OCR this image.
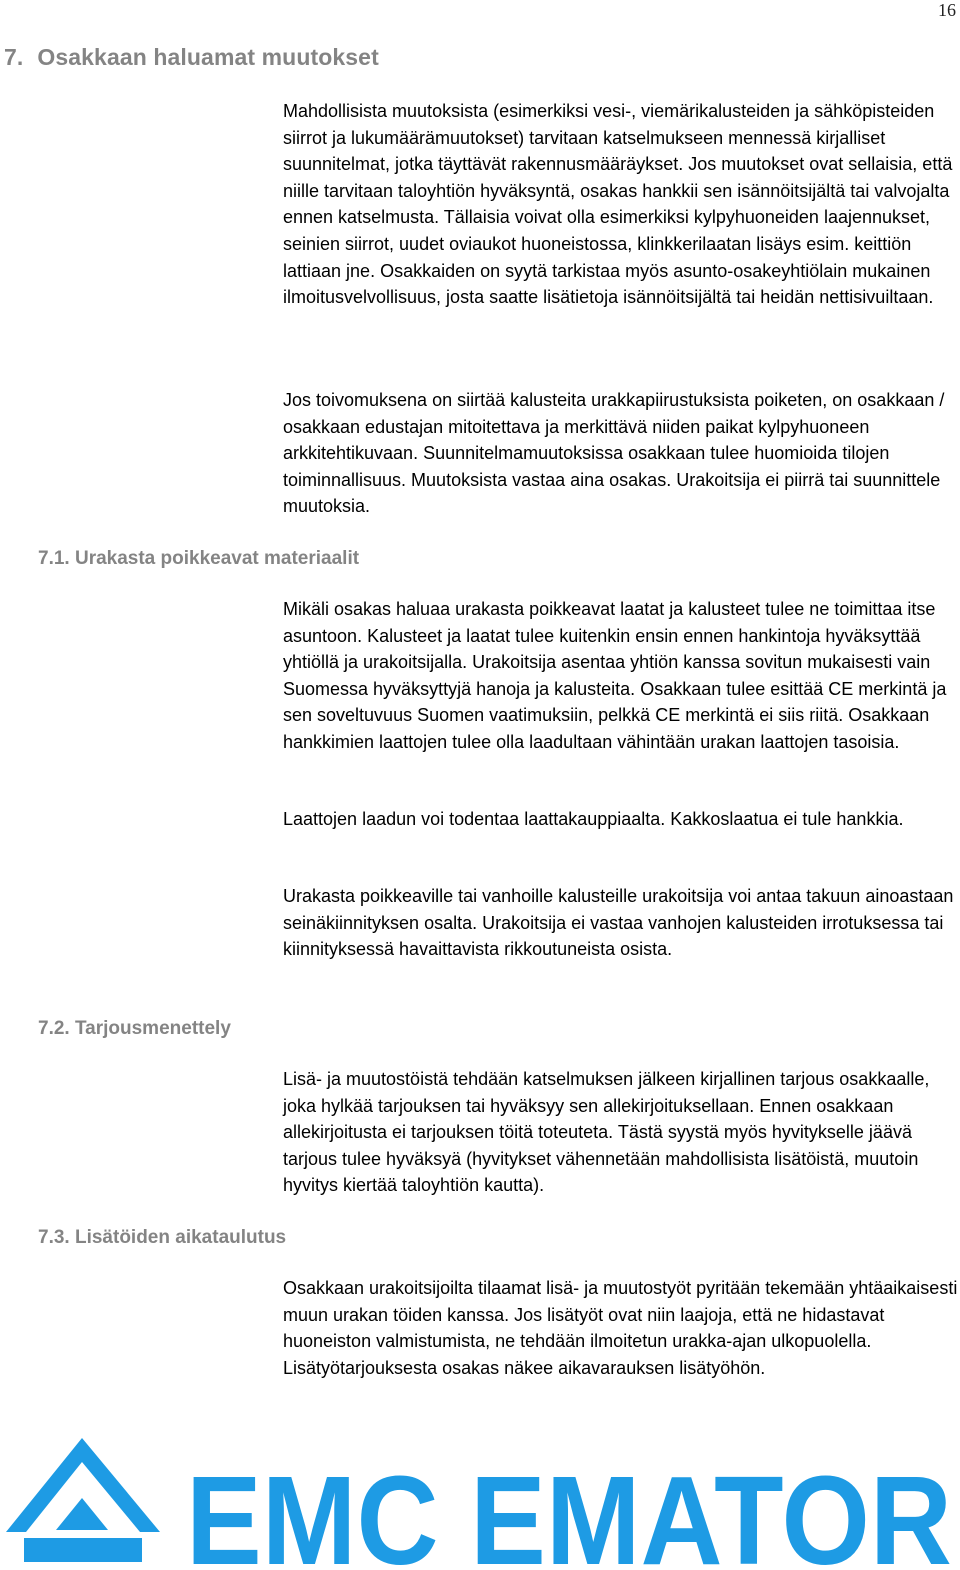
16
7. Osakkaan haluamat muutokset

Mahdollisista muutoksista (esimerkiksi vesi-, viemärikalusteiden ja sähköpisteiden siirrot ja lukumäärämuutokset) tarvitaan katselmukseen mennessä kirjalliset suunnitelmat, jotka täyttävät rakennusmääräykset. Jos muutokset ovat sellaisia, että niille tarvitaan taloyhtiön hyväksyntä, osakas hankkii sen isännöitsijältä tai valvojalta ennen katselmusta. Tällaisia voivat olla esimerkiksi kylpyhuoneiden laajennukset, seinien siirrot, uudet oviaukot huoneistossa, klinkkerilaatan lisäys esim. keittiön lattiaan jne. Osakkaiden on syytä tarkistaa myös asunto-osakeyhtiölain mukainen ilmoitusvelvollisuus, josta saatte lisätietoja isännöitsijältä tai heidän nettisivuiltaan.

Jos toivomuksena on siirtää kalusteita urakkapiirustuksista poiketen, on osakkaan / osakkaan edustajan mitoitettava ja merkittävä niiden paikat kylpyhuoneen arkkitehtikuvaan. Suunnitelmamuutoksissa osakkaan tulee huomioida tilojen toiminnallisuus. Muutoksista vastaa aina osakas. Urakoitsija ei piirrä tai suunnittele muutoksia.

7.1. Urakasta poikkeavat materiaalit

Mikäli osakas haluaa urakasta poikkeavat laatat ja kalusteet tulee ne toimittaa itse asuntoon. Kalusteet ja laatat tulee kuitenkin ensin ennen hankintoja hyväksyttää yhtiöllä ja urakoitsijalla. Urakoitsija asentaa yhtiön kanssa sovitun mukaisesti vain Suomessa hyväksyttyjä hanoja ja kalusteita. Osakkaan tulee esittää CE merkintä ja sen soveltuvuus Suomen vaatimuksiin, pelkkä CE merkintä ei siis riitä. Osakkaan hankkimien laattojen tulee olla laadultaan vähintään urakan laattojen tasoisia.

Laattojen laadun voi todentaa laattakauppiaalta. Kakkoslaatua ei tule hankkia.

Urakasta poikkeaville tai vanhoille kalusteille urakoitsija voi antaa takuun ainoastaan seinäkiinnityksen osalta. Urakoitsija ei vastaa vanhojen kalusteiden irrotuksessa tai kiinnityksessä havaittavista rikkoutuneista osista.

7.2. Tarjousmenettely

Lisä- ja muutostöistä tehdään katselmuksen jälkeen kirjallinen tarjous osakkaalle, joka hylkää tarjouksen tai hyväksyy sen allekirjoituksellaan. Ennen osakkaan allekirjoitusta ei tarjouksen töitä toteuteta. Tästä syystä myös hyvitykselle jäävä tarjous tulee hyväksyä (hyvitykset vähennetään mahdollisista lisätöistä, muutoin hyvitys kiertää taloyhtiön kautta).

7.3. Lisätöiden aikataulutus

Osakkaan urakoitsijoilta tilaamat lisä- ja muutostyöt pyritään tekemään yhtäaikaisesti muun urakan töiden kanssa. Jos lisätyöt ovat niin laajoja, että ne hidastavat huoneiston valmistumista, ne tehdään ilmoitetun urakka-ajan ulkopuolella. Lisätyötarjouksesta osakas näkee aikavarauksen lisätyöhön.

EMC EMATOR
